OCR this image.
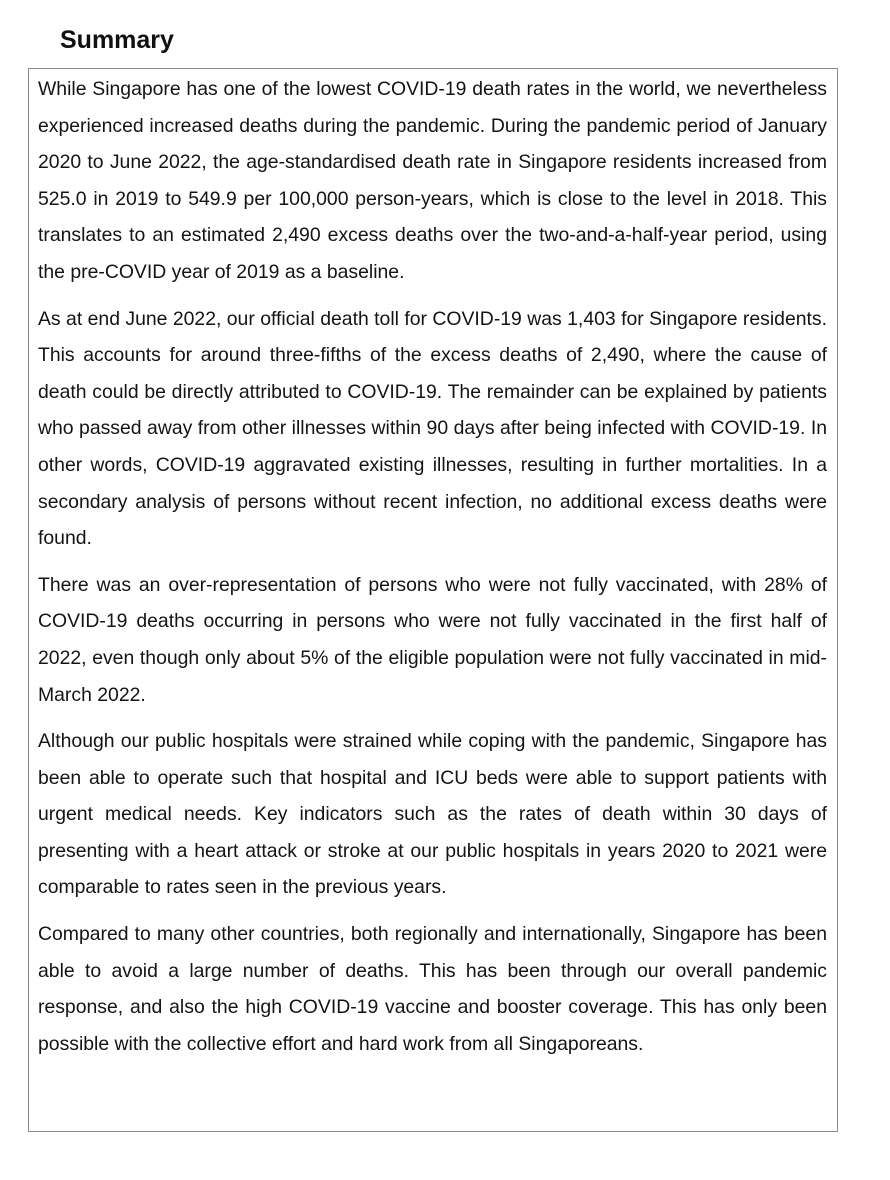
Summary

While Singapore has one of the lowest COVID-19 death rates in the world, we nevertheless experienced increased deaths during the pandemic. During the pandemic period of January 2020 to June 2022, the age-standardised death rate in Singapore residents increased from 525.0 in 2019 to 549.9 per 100,000 person-years, which is close to the level in 2018. This translates to an estimated 2,490 excess deaths over the two-and-a-half-year period, using the pre-COVID year of 2019 as a baseline.

As at end June 2022, our official death toll for COVID-19 was 1,403 for Singapore residents. This accounts for around three-fifths of the excess deaths of 2,490, where the cause of death could be directly attributed to COVID-19. The remainder can be explained by patients who passed away from other illnesses within 90 days after being infected with COVID-19. In other words, COVID-19 aggravated existing illnesses, resulting in further mortalities. In a secondary analysis of persons without recent infection, no additional excess deaths were found.

There was an over-representation of persons who were not fully vaccinated, with 28% of COVID-19 deaths occurring in persons who were not fully vaccinated in the first half of 2022, even though only about 5% of the eligible population were not fully vaccinated in mid-March 2022.

Although our public hospitals were strained while coping with the pandemic, Singapore has been able to operate such that hospital and ICU beds were able to support patients with urgent medical needs. Key indicators such as the rates of death within 30 days of presenting with a heart attack or stroke at our public hospitals in years 2020 to 2021 were comparable to rates seen in the previous years.

Compared to many other countries, both regionally and internationally, Singapore has been able to avoid a large number of deaths. This has been through our overall pandemic response, and also the high COVID-19 vaccine and booster coverage. This has only been possible with the collective effort and hard work from all Singaporeans.
